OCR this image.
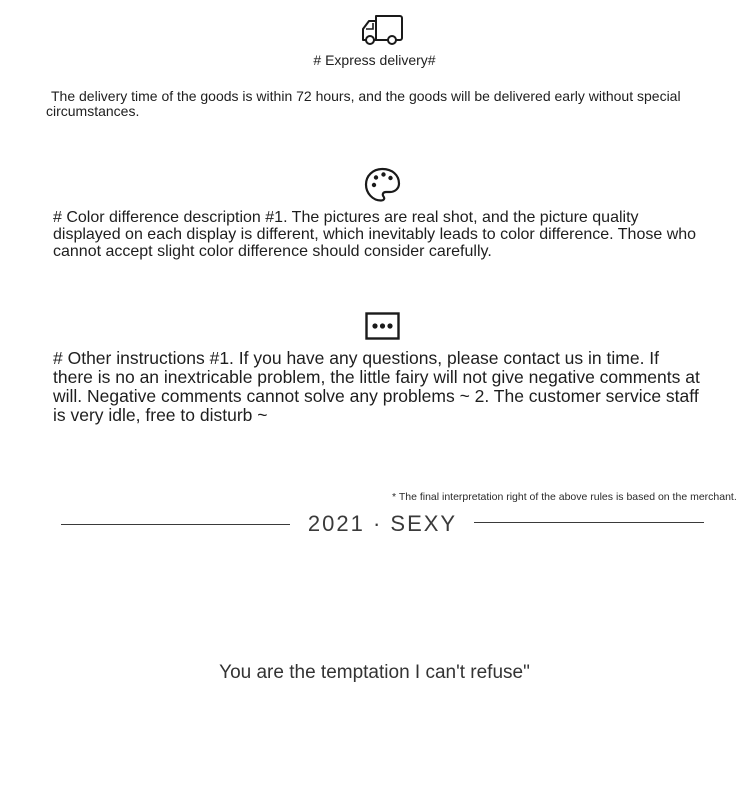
# Express delivery#
The delivery time of the goods is within 72 hours, and the goods will be delivered early without special circumstances.
# Color difference description #1. The pictures are real shot, and the picture quality displayed on each display is different, which inevitably leads to color difference. Those who cannot accept slight color difference should consider carefully.
# Other instructions #1. If you have any questions, please contact us in time. If there is no an inextricable problem, the little fairy will not give negative comments at will. Negative comments cannot solve any problems ~ 2. The customer service staff is very idle, free to disturb ~
* The final interpretation right of the above rules is based on the merchant.
2021 · SEXY
You are the temptation I can't refuse"
